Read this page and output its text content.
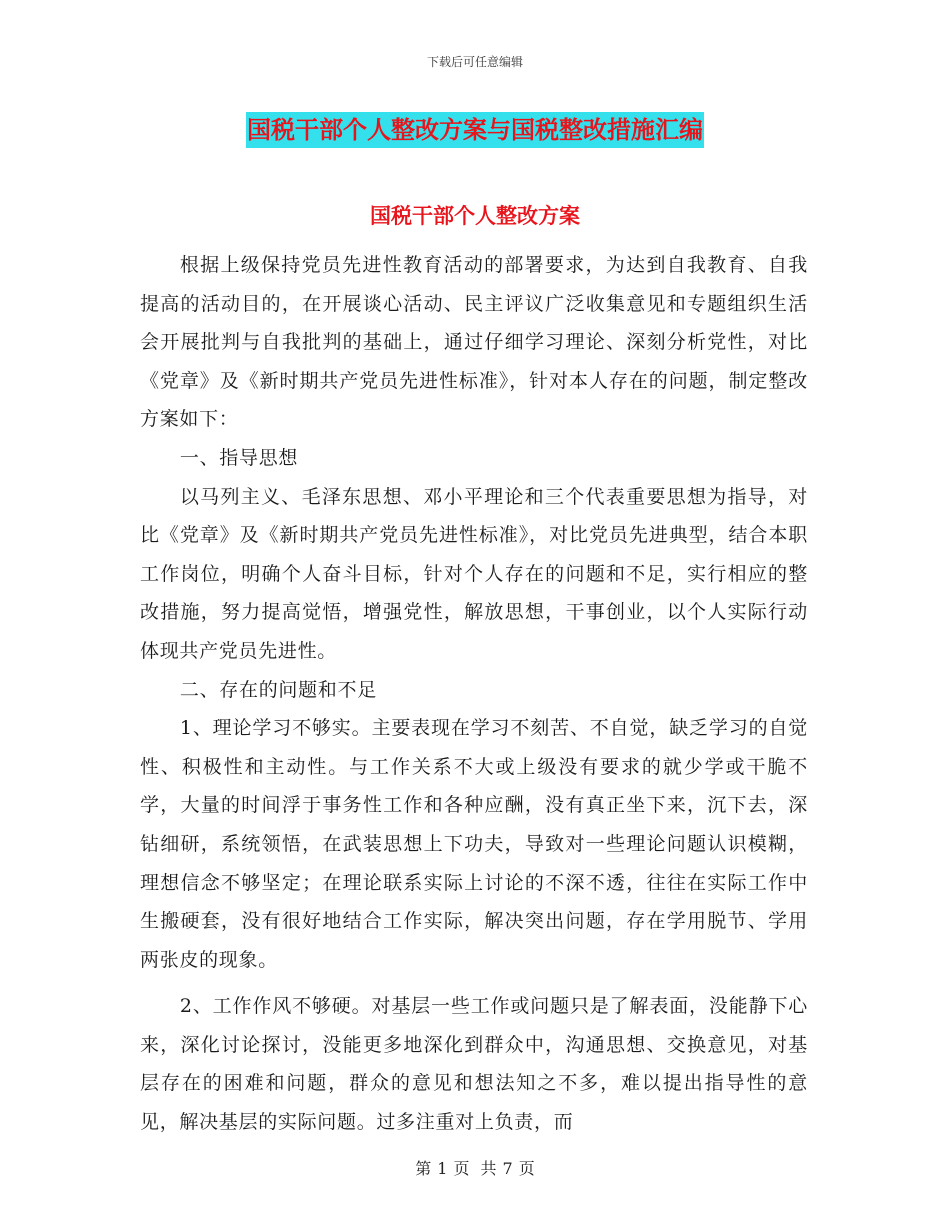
下载后可任意编辑
国税干部个人整改方案与国税整改措施汇编
国税干部个人整改方案

根据上级保持党员先进性教育活动的部署要求，为达到自我教育、自我提高的活动目的，在开展谈心活动、民主评议广泛收集意见和专题组织生活会开展批判与自我批判的基础上，通过仔细学习理论、深刻分析党性，对比《党章》及《新时期共产党员先进性标准》，针对本人存在的问题，制定整改方案如下：

一、指导思想

以马列主义、毛泽东思想、邓小平理论和三个代表重要思想为指导，对比《党章》及《新时期共产党员先进性标准》，对比党员先进典型，结合本职工作岗位，明确个人奋斗目标，针对个人存在的问题和不足，实行相应的整改措施，努力提高觉悟，增强党性，解放思想，干事创业，以个人实际行动体现共产党员先进性。

二、存在的问题和不足

1、理论学习不够实。主要表现在学习不刻苦、不自觉，缺乏学习的自觉性、积极性和主动性。与工作关系不大或上级没有要求的就少学或干脆不学，大量的时间浮于事务性工作和各种应酬，没有真正坐下来，沉下去，深钻细研，系统领悟，在武装思想上下功夫，导致对一些理论问题认识模糊，理想信念不够坚定；在理论联系实际上讨论的不深不透，往往在实际工作中生搬硬套，没有很好地结合工作实际，解决突出问题，存在学用脱节、学用两张皮的现象。

2、工作作风不够硬。对基层一些工作或问题只是了解表面，没能静下心来，深化讨论探讨，没能更多地深化到群众中，沟通思想、交换意见，对基层存在的困难和问题，群众的意见和想法知之不多，难以提出指导性的意见，解决基层的实际问题。过多注重对上负责，而

第 1 页 共 7 页
